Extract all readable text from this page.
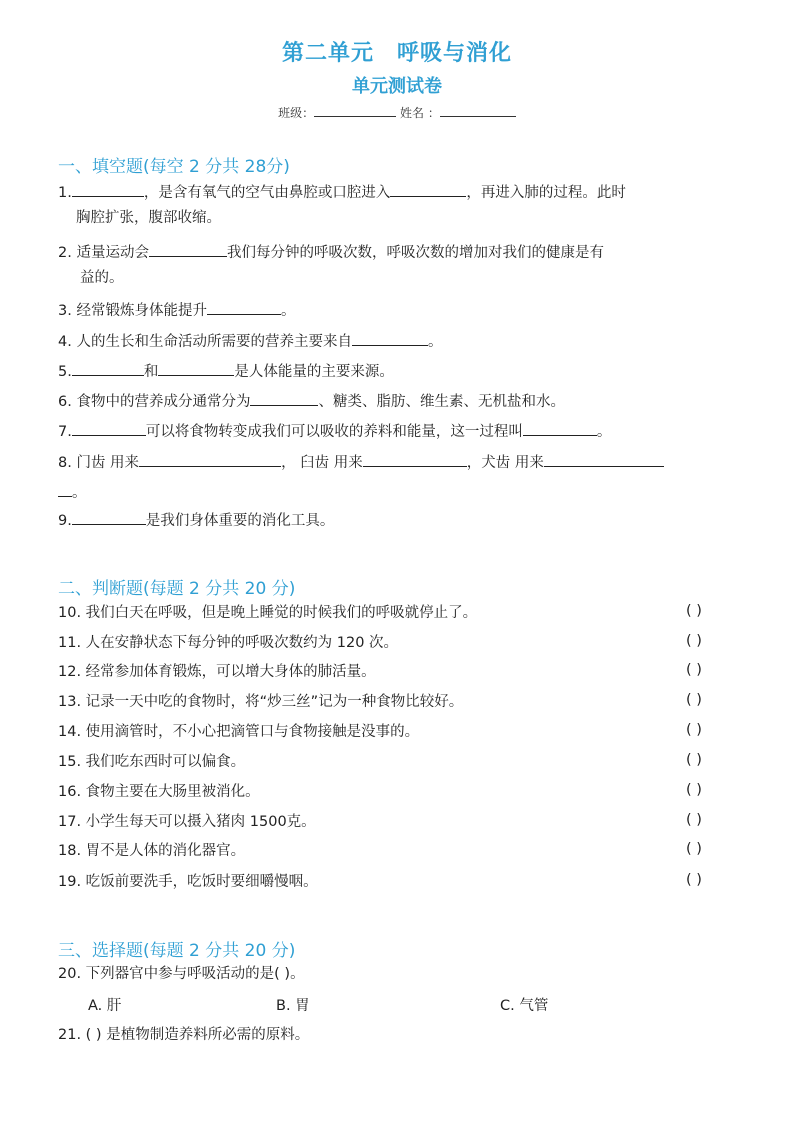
第二单元　呼吸与消化
单元测试卷
班级：	姓名 ：
一、填空题(每空 2 分共 28分)
1.	，是含有氧气的空气由鼻腔或口腔进入	，再进入肺的过程。此时
胸腔扩张，腹部收缩。
2. 适量运动会	我们每分钟的呼吸次数，呼吸次数的增加对我们的健康是有
益的。
3. 经常锻炼身体能提升	。
4. 人的生长和生命活动所需要的营养主要来自	。
5.	和	是人体能量的主要来源。
6. 食物中的营养成分通常分为	、糖类、脂肪、维生素、无机盐和水。
7.	可以将食物转变成我们可以吸收的养料和能量，这一过程叫	。
8. 门齿 用来	， 臼齿 用来	，犬齿 用来
。
9.	是我们身体重要的消化工具。
二、判断题(每题 2 分共 20 分)
10. 我们白天在呼吸，但是晚上睡觉的时候我们的呼吸就停止了。	( )
11. 人在安静状态下每分钟的呼吸次数约为 120 次。	( )
12. 经常参加体育锻炼，可以增大身体的肺活量。	( )
13. 记录一天中吃的食物时，将“炒三丝”记为一种食物比较好。	( )
14. 使用滴管时，不小心把滴管口与食物接触是没事的。	( )
15. 我们吃东西时可以偏食。	( )
16. 食物主要在大肠里被消化。	( )
17. 小学生每天可以摄入猪肉 1500克。	( )
18. 胃不是人体的消化器官。	( )
19. 吃饭前要洗手，吃饭时要细嚼慢咽。	( )
三、选择题(每题 2 分共 20 分)
20. 下列器官中参与呼吸活动的是( )。
A. 肝	B. 胃	C. 气管
21. ( ) 是植物制造养料所必需的原料。
